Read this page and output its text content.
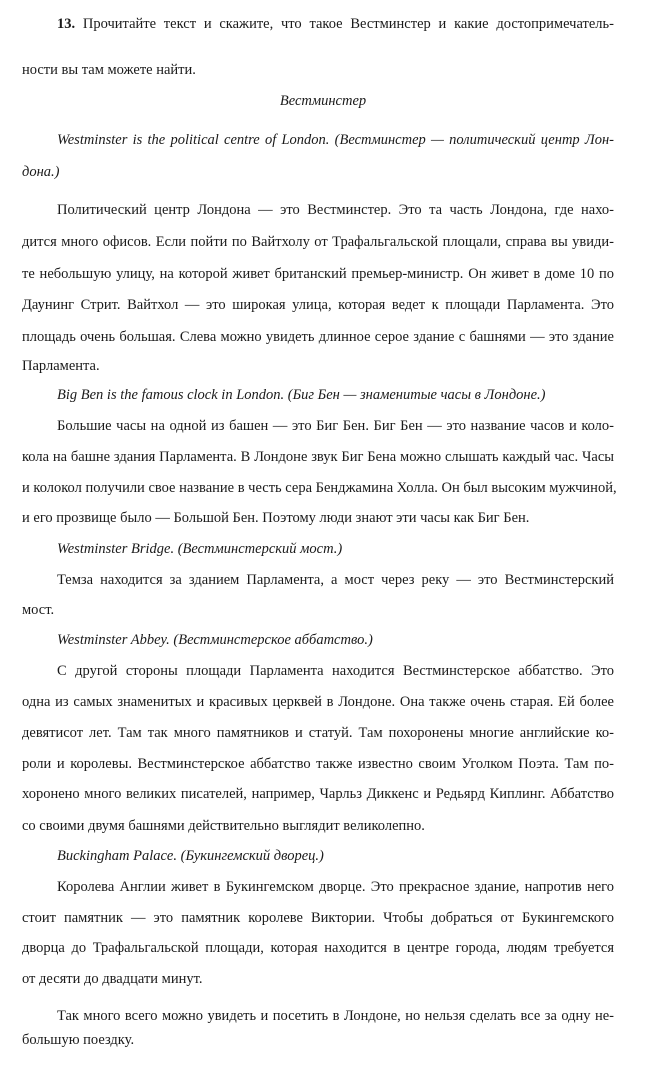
13. Прочитайте текст и скажите, что такое Вестминстер и какие достопримечатель-
ности вы там можете найти.
Вестминстер
Westminster is the political centre of London. (Вестминстер — политический центр Лон-
дона.)
Политический центр Лондона — это Вестминстер. Это та часть Лондона, где нахо-
дится много офисов. Если пойти по Вайтхолу от Трафальгальской площали, справа вы увиди-
те небольшую улицу, на которой живет британский премьер-министр. Он живет в доме 10 по
Даунинг Стрит. Вайтхол — это широкая улица, которая ведет к площади Парламента. Это
площадь очень большая. Слева можно увидеть длинное серое здание с башнями — это здание
Парламента.
Big Ben is the famous clock in London. (Биг Бен — знаменитые часы в Лондоне.)
Большие часы на одной из башен — это Биг Бен. Биг Бен — это название часов и коло-
кола на башне здания Парламента. В Лондоне звук Биг Бена можно слышать каждый час. Часы
и колокол получили свое название в честь сера Бенджамина Холла. Он был высоким мужчиной,
и его прозвище было — Большой Бен. Поэтому люди знают эти часы как Биг Бен.
Westminster Bridge. (Вестминстерский мост.)
Темза находится за зданием Парламента, а мост через реку — это Вестминстерский
мост.
Westminster Abbey. (Вестминстерское аббатство.)
С другой стороны площади Парламента находится Вестминстерское аббатство. Это
одна из самых знаменитых и красивых церквей в Лондоне. Она также очень старая. Ей более
девятисот лет. Там так много памятников и статуй. Там похоронены многие английские ко-
роли и королевы. Вестминстерское аббатство также известно своим Уголком Поэта. Там по-
хоронено много великих писателей, например, Чарльз Диккенс и Редьярд Киплинг. Аббатство
со своими двумя башнями действительно выглядит великолепно.
Buckingham Palace. (Букингемский дворец.)
Королева Англии живет в Букингемском дворце. Это прекрасное здание, напротив него
стоит памятник — это памятник королеве Виктории. Чтобы добраться от Букингемского
дворца до Трафальгальской площади, которая находится в центре города, людям требуется
от десяти до двадцати минут.
Так много всего можно увидеть и посетить в Лондоне, но нельзя сделать все за одну не-
большую поездку.
